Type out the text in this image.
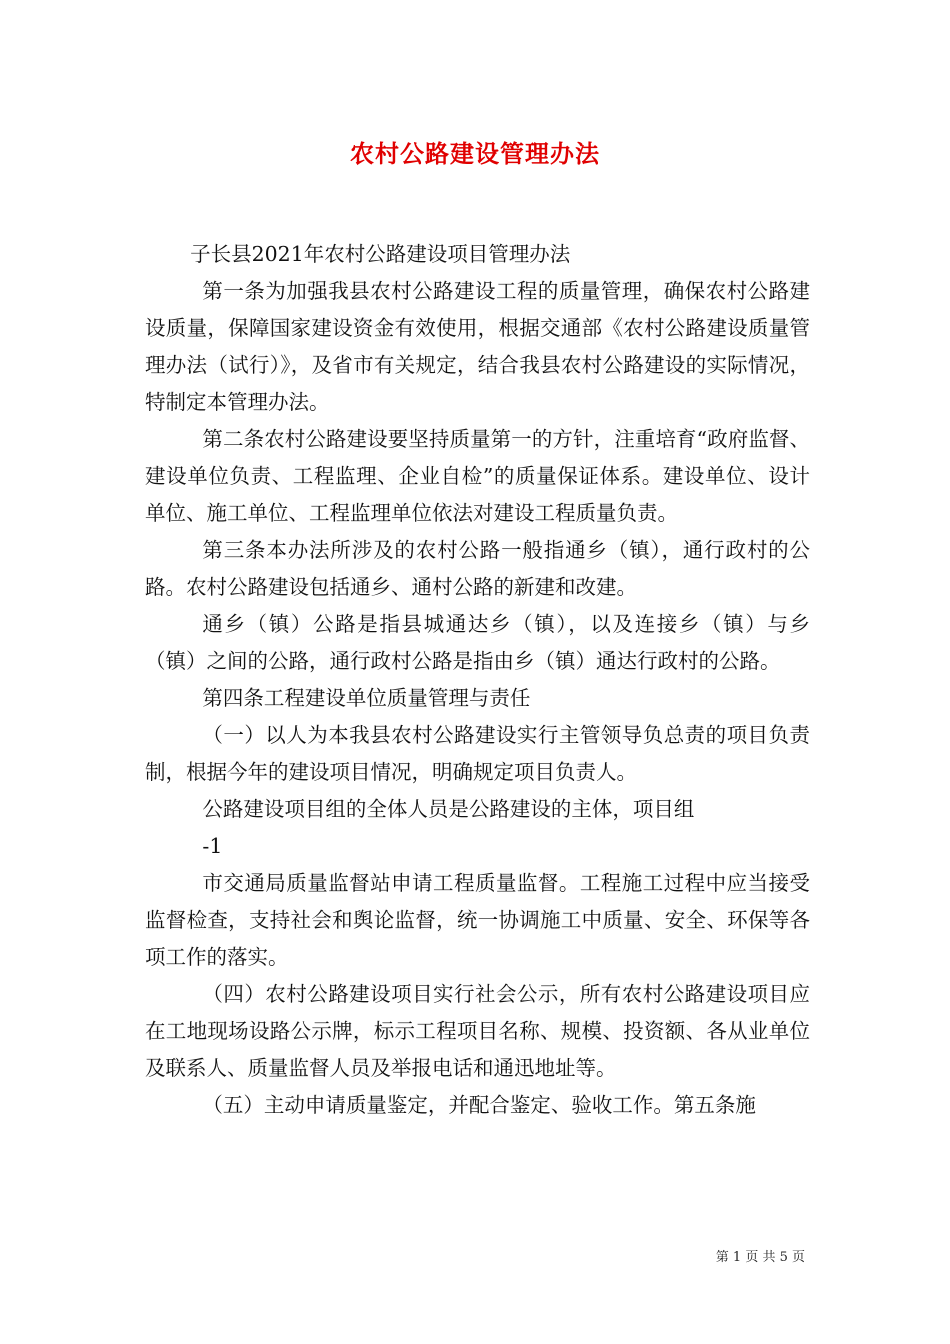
农村公路建设管理办法

子长县2021年农村公路建设项目管理办法

第一条为加强我县农村公路建设工程的质量管理，确保农村公路建设质量，保障国家建设资金有效使用，根据交通部《农村公路建设质量管理办法（试行）》，及省市有关规定，结合我县农村公路建设的实际情况，特制定本管理办法。

第二条农村公路建设要坚持质量第一的方针，注重培育“政府监督、建设单位负责、工程监理、企业自检”的质量保证体系。建设单位、设计单位、施工单位、工程监理单位依法对建设工程质量负责。

第三条本办法所涉及的农村公路一般指通乡（镇），通行政村的公路。农村公路建设包括通乡、通村公路的新建和改建。

通乡（镇）公路是指县城通达乡（镇），以及连接乡（镇）与乡（镇）之间的公路，通行政村公路是指由乡（镇）通达行政村的公路。

第四条工程建设单位质量管理与责任

（一）以人为本我县农村公路建设实行主管领导负总责的项目负责制，根据今年的建设项目情况，明确规定项目负责人。

公路建设项目组的全体人员是公路建设的主体，项目组

-1

市交通局质量监督站申请工程质量监督。工程施工过程中应当接受监督检查，支持社会和舆论监督，统一协调施工中质量、安全、环保等各项工作的落实。

（四）农村公路建设项目实行社会公示，所有农村公路建设项目应在工地现场设路公示牌，标示工程项目名称、规模、投资额、各从业单位及联系人、质量监督人员及举报电话和通迅地址等。

（五）主动申请质量鉴定，并配合鉴定、验收工作。第五条施

第 1 页 共 5 页
